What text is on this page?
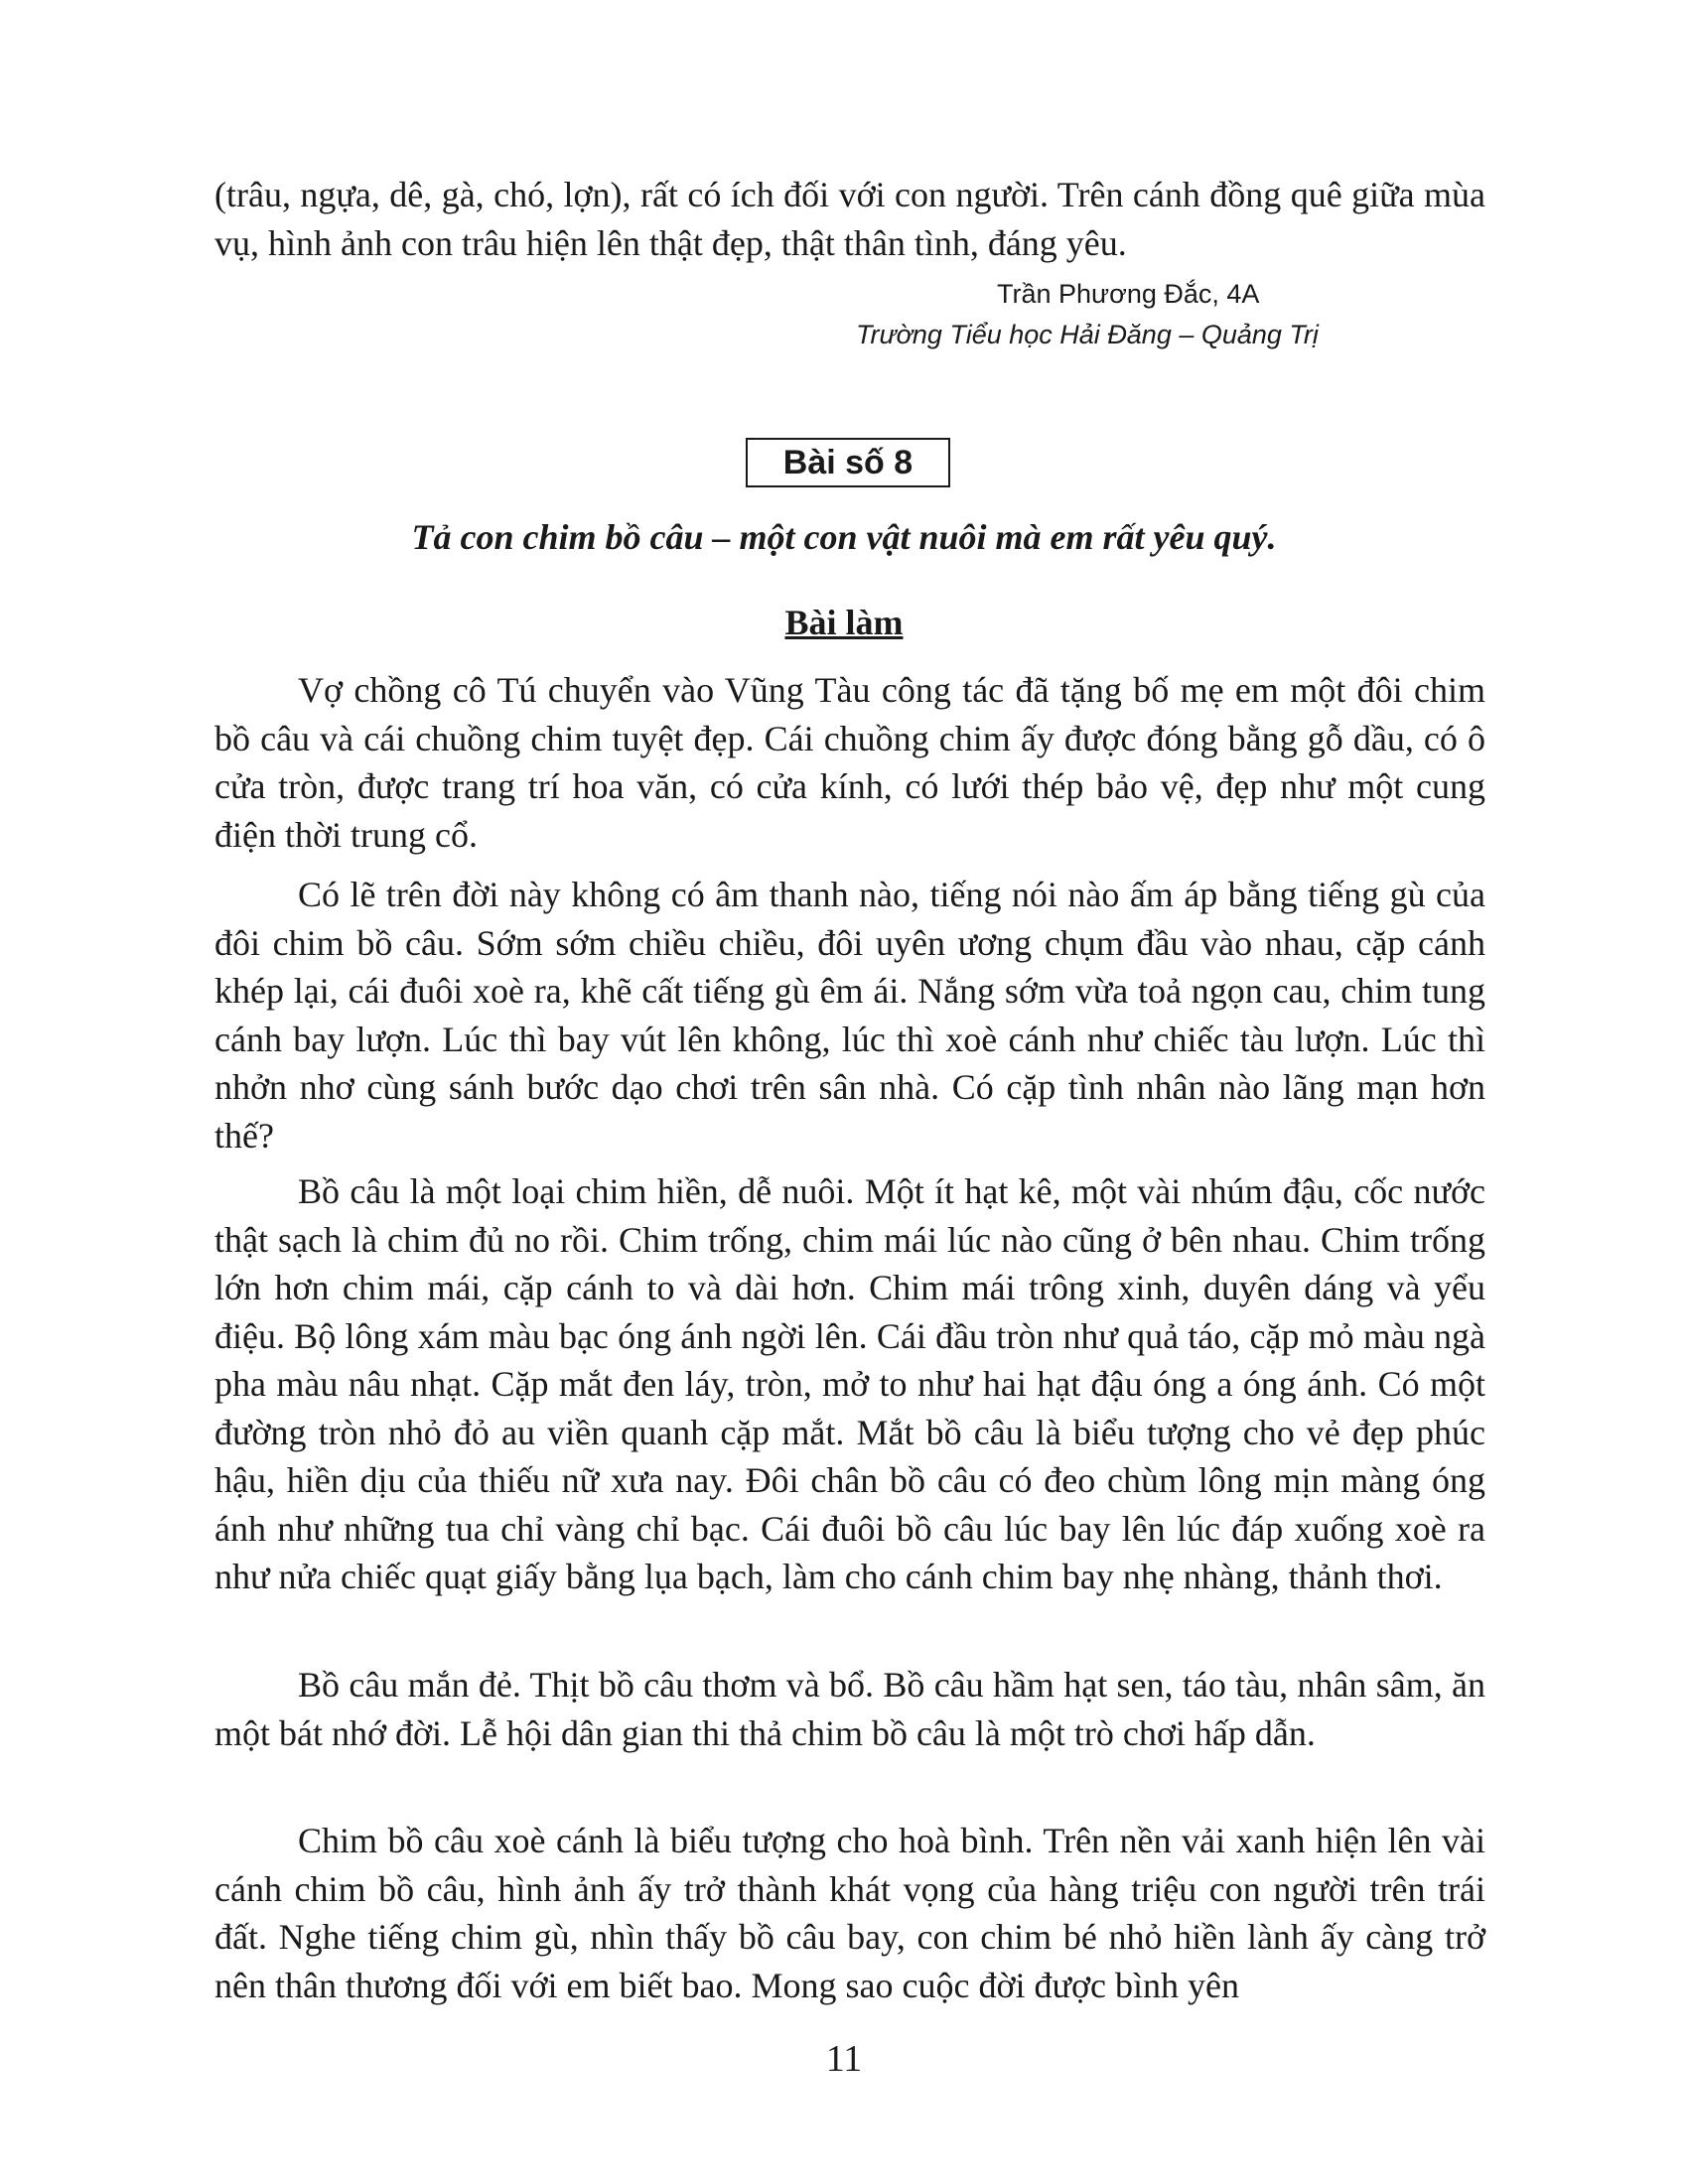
(trâu, ngựa, dê, gà, chó, lợn), rất có ích đối với con người. Trên cánh đồng quê giữa mùa vụ, hình ảnh con trâu hiện lên thật đẹp, thật thân tình, đáng yêu.

Trần Phương Đắc, 4A
Trường Tiểu học Hải Đăng – Quảng Trị
Bài số 8
Tả con chim bồ câu – một con vật nuôi mà em rất yêu quý.
Bài làm

Vợ chồng cô Tú chuyển vào Vũng Tàu công tác đã tặng bố mẹ em một đôi chim bồ câu và cái chuồng chim tuyệt đẹp. Cái chuồng chim ấy được đóng bằng gỗ dầu, có ô cửa tròn, được trang trí hoa văn, có cửa kính, có lưới thép bảo vệ, đẹp như một cung điện thời trung cổ.

Có lẽ trên đời này không có âm thanh nào, tiếng nói nào ấm áp bằng tiếng gù của đôi chim bồ câu. Sớm sớm chiều chiều, đôi uyên ương chụm đầu vào nhau, cặp cánh khép lại, cái đuôi xoè ra, khẽ cất tiếng gù êm ái. Nắng sớm vừa toả ngọn cau, chim tung cánh bay lượn. Lúc thì bay vút lên không, lúc thì xoè cánh như chiếc tàu lượn. Lúc thì nhởn nhơ cùng sánh bước dạo chơi trên sân nhà. Có cặp tình nhân nào lãng mạn hơn thế?

Bồ câu là một loại chim hiền, dễ nuôi. Một ít hạt kê, một vài nhúm đậu, cốc nước thật sạch là chim đủ no rồi. Chim trống, chim mái lúc nào cũng ở bên nhau. Chim trống lớn hơn chim mái, cặp cánh to và dài hơn. Chim mái trông xinh, duyên dáng và yểu điệu. Bộ lông xám màu bạc óng ánh ngời lên. Cái đầu tròn như quả táo, cặp mỏ màu ngà pha màu nâu nhạt. Cặp mắt đen láy, tròn, mở to như hai hạt đậu óng a óng ánh. Có một đường tròn nhỏ đỏ au viền quanh cặp mắt. Mắt bồ câu là biểu tượng cho vẻ đẹp phúc hậu, hiền dịu của thiếu nữ xưa nay. Đôi chân bồ câu có đeo chùm lông mịn màng óng ánh như những tua chỉ vàng chỉ bạc. Cái đuôi bồ câu lúc bay lên lúc đáp xuống xoè ra như nửa chiếc quạt giấy bằng lụa bạch, làm cho cánh chim bay nhẹ nhàng, thảnh thơi.

Bồ câu mắn đẻ. Thịt bồ câu thơm và bổ. Bồ câu hầm hạt sen, táo tàu, nhân sâm, ăn một bát nhớ đời. Lễ hội dân gian thi thả chim bồ câu là một trò chơi hấp dẫn.

Chim bồ câu xoè cánh là biểu tượng cho hoà bình. Trên nền vải xanh hiện lên vài cánh chim bồ câu, hình ảnh ấy trở thành khát vọng của hàng triệu con người trên trái đất. Nghe tiếng chim gù, nhìn thấy bồ câu bay, con chim bé nhỏ hiền lành ấy càng trở nên thân thương đối với em biết bao. Mong sao cuộc đời được bình yên

11
